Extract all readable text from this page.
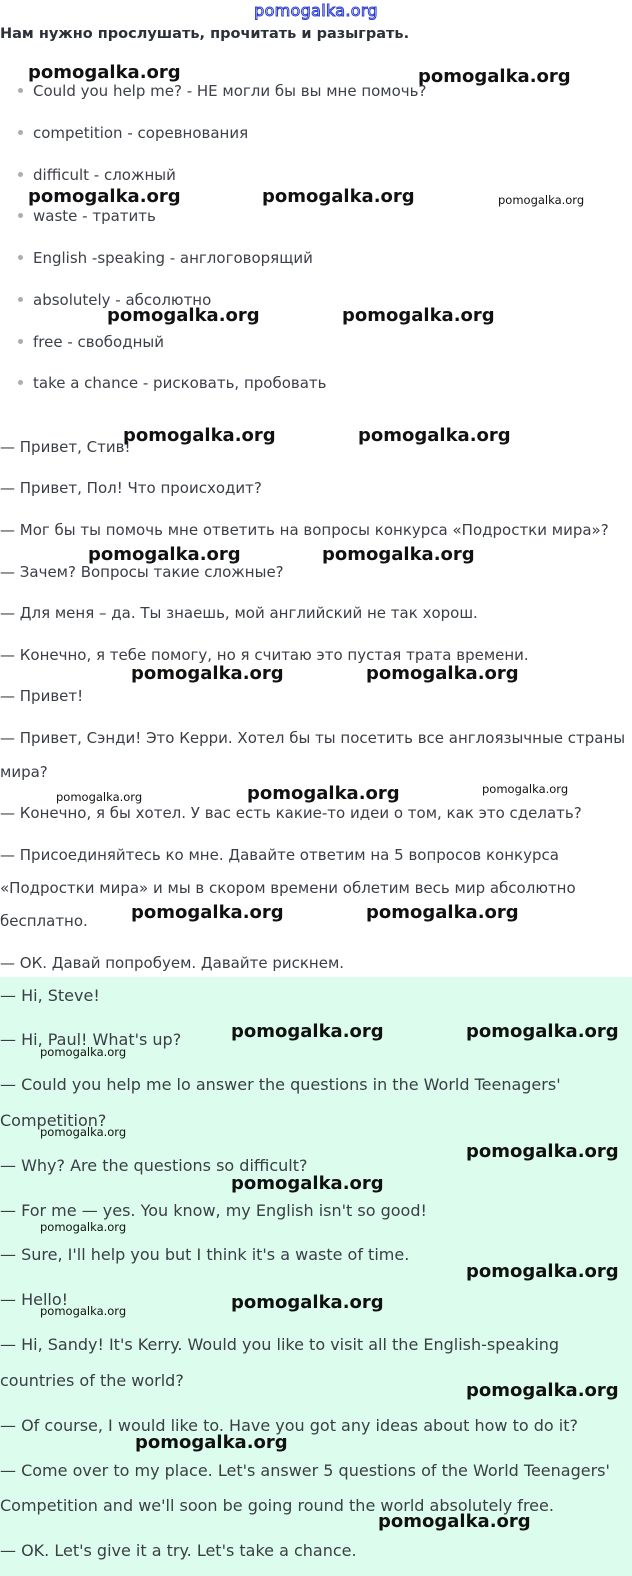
pomogalka.org
Нам нужно прослушать, прочитать и разыграть.
Could you help me? - НЕ могли бы вы мне помочь?
competition - соревнования
difficult - сложный
waste - тратить
English -speaking - англоговорящий
absolutely - абсолютно
free - свободный
take a chance - рисковать, пробовать
— Привет, Стив!
— Привет, Пол! Что происходит?
— Мог бы ты помочь мне ответить на вопросы конкурса «Подростки мира»?
— Зачем? Вопросы такие сложные?
— Для меня – да. Ты знаешь, мой английский не так хорош.
— Конечно, я тебе помогу, но я считаю это пустая трата времени.
— Привет!
— Привет, Сэнди! Это Керри. Хотел бы ты посетить все англоязычные страны
мира?
— Конечно, я бы хотел. У вас есть какие-то идеи о том, как это сделать?
— Присоединяйтесь ко мне. Давайте ответим на 5 вопросов конкурса
«Подростки мира» и мы в скором времени облетим весь мир абсолютно
бесплатно.
— ОК. Давай попробуем. Давайте рискнем.
— Hi, Steve!
— Hi, Paul! What's up?
— Could you help me lo answer the questions in the World Teenagers'
Competition?
— Why? Are the questions so difficult?
— For me — yes. You know, my English isn't so good!
— Sure, I'll help you but I think it's a waste of time.
— Hello!
— Hi, Sandy! It's Kerry. Would you like to visit all the English-speaking
countries of the world?
— Of course, I would like to. Have you got any ideas about how to do it?
— Come over to my place. Let's answer 5 questions of the World Teenagers'
Competition and we'll soon be going round the world absolutely free.
— OK. Let's give it a try. Let's take a chance.
pomogalka.org	pomogalka.org
pomogalka.org	pomogalka.org	pomogalka.org
pomogalka.org	pomogalka.org
pomogalka.org	pomogalka.org
pomogalka.org	pomogalka.org
pomogalka.org	pomogalka.org
pomogalka.org	pomogalka.org	pomogalka.org
pomogalka.org	pomogalka.org
pomogalka.org	pomogalka.org
pomogalka.org
pomogalka.org
pomogalka.org
pomogalka.org
pomogalka.org
pomogalka.org
pomogalka.org
pomogalka.org
pomogalka.org
pomogalka.org
pomogalka.org
